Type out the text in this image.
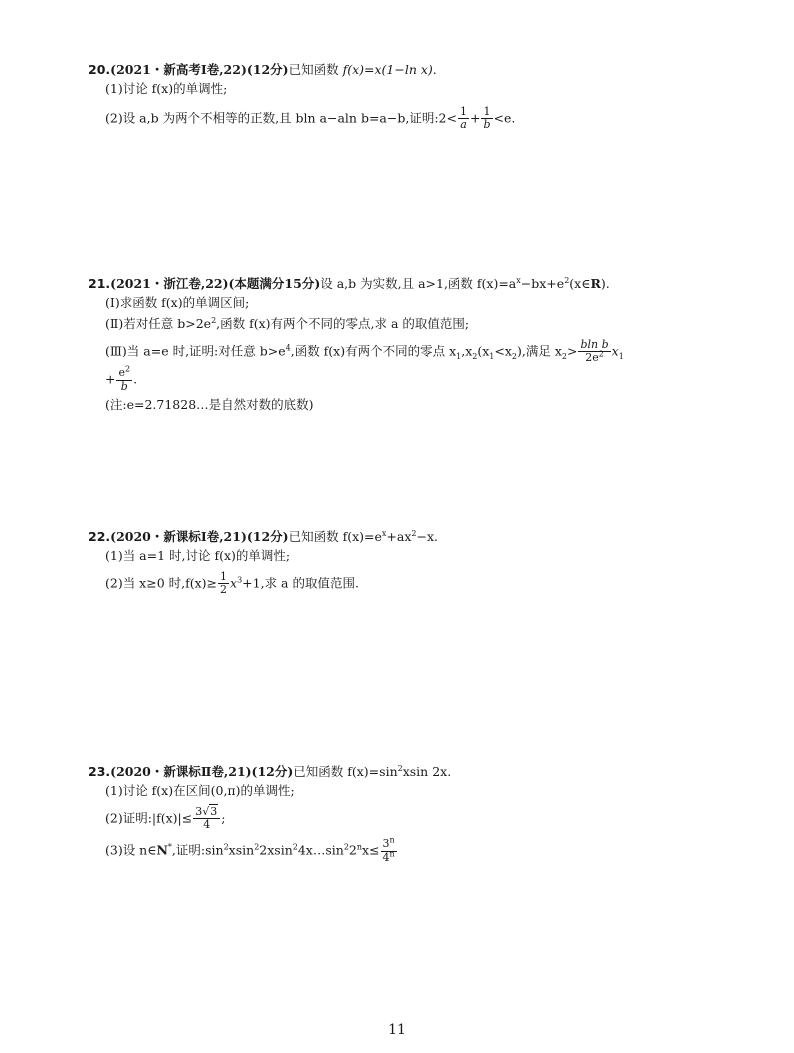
20.(2021・新高考Ⅰ卷,22)(12分)已知函数 f(x)=x(1−ln x).
(1)讨论 f(x)的单调性;
(2)设 a,b 为两个不相等的正数,且 bln a−aln b=a−b,证明:2< $\frac{1}{a} + \frac{1}{b} <e$.
21.(2021・浙江卷,22)(本题满分15分)设 a,b 为实数,且 a>1,函数 $f(x)=a^x-bx+e^2(x\in R)$.
(Ⅰ)求函数 f(x)的单调区间;
(Ⅱ)若对任意 $b>2e^2$,函数 f(x)有两个不同的零点,求 a 的取值范围;
(Ⅲ)当 a=e 时,证明:对任意 $b>e^4$,函数 f(x)有两个不同的零点 $x_1,x_2(x_1<x_2)$,满足 $x_2> \frac{\text{bln b}}{2e^2} x_1$
+ $\frac{e^2}{b}$ .
(注:e=2.71828…是自然对数的底数)
22.(2020・新课标Ⅰ卷,21)(12分)已知函数 $f(x)=e^x+ax^2-x$.
(1)当 a=1 时,讨论 f(x)的单调性;
(2)当 x≥0 时$,f(x)\ge \frac{1}{2} x^3+1$,求 a 的取值范围.
23.(2020・新课标Ⅱ卷,21)(12分)已知函数 $f(x)=\sin^2xsin$ 2x.
(1)讨论 f(x)在区间(0,π)的单调性;
(2)证明:|f(x)|≤ $\frac{3√3}{4}$ ;
(3)设 n∈N*,证明$:\sin^2xsin^22xsin^24x\dots\sin^22^nx\le \frac{3^n}{4^n}$
11
